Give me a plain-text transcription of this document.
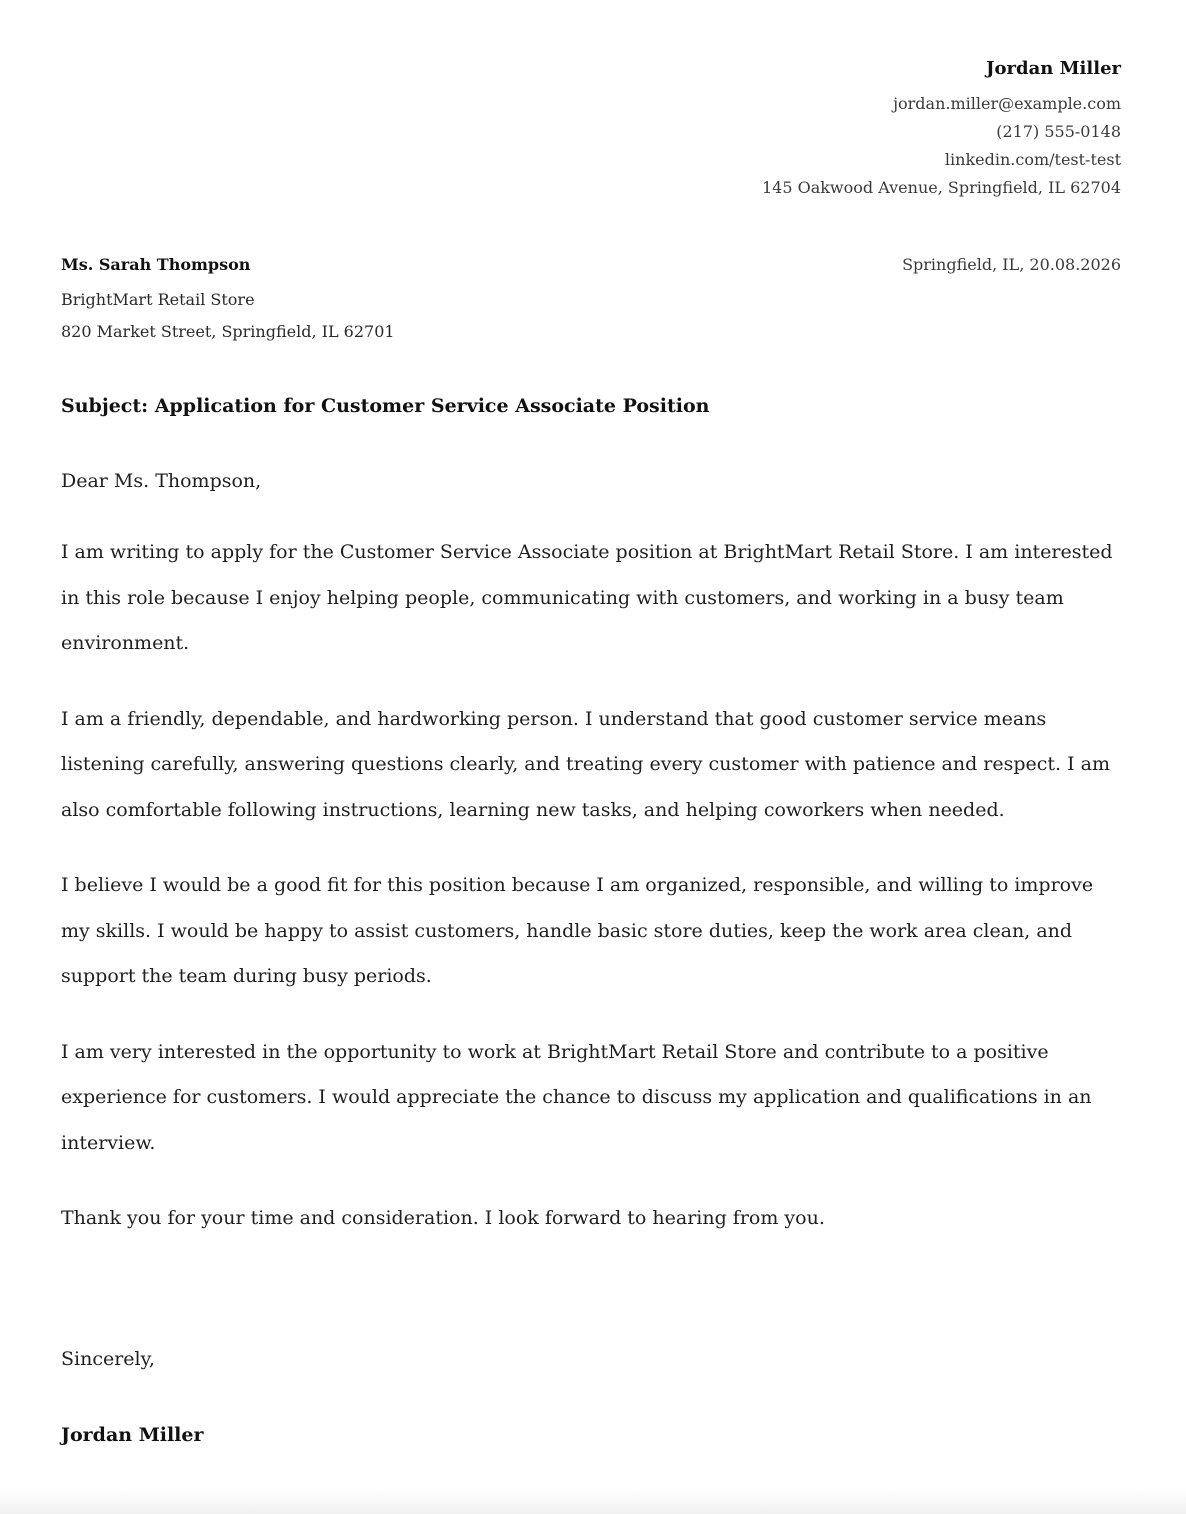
Jordan Miller
jordan.miller@example.com
(217) 555-0148
linkedin.com/test-test
145 Oakwood Avenue, Springfield, IL 62704
Ms. Sarah Thompson
BrightMart Retail Store
820 Market Street, Springfield, IL 62701
Springfield, IL, 20.08.2026
Subject: Application for Customer Service Associate Position
Dear Ms. Thompson,

I am writing to apply for the Customer Service Associate position at BrightMart Retail Store. I am interested in this role because I enjoy helping people, communicating with customers, and working in a busy team environment.

I am a friendly, dependable, and hardworking person. I understand that good customer service means listening carefully, answering questions clearly, and treating every customer with patience and respect. I am also comfortable following instructions, learning new tasks, and helping coworkers when needed.

I believe I would be a good fit for this position because I am organized, responsible, and willing to improve my skills. I would be happy to assist customers, handle basic store duties, keep the work area clean, and support the team during busy periods.

I am very interested in the opportunity to work at BrightMart Retail Store and contribute to a positive experience for customers. I would appreciate the chance to discuss my application and qualifications in an interview.

Thank you for your time and consideration. I look forward to hearing from you.

Sincerely,
Jordan Miller
